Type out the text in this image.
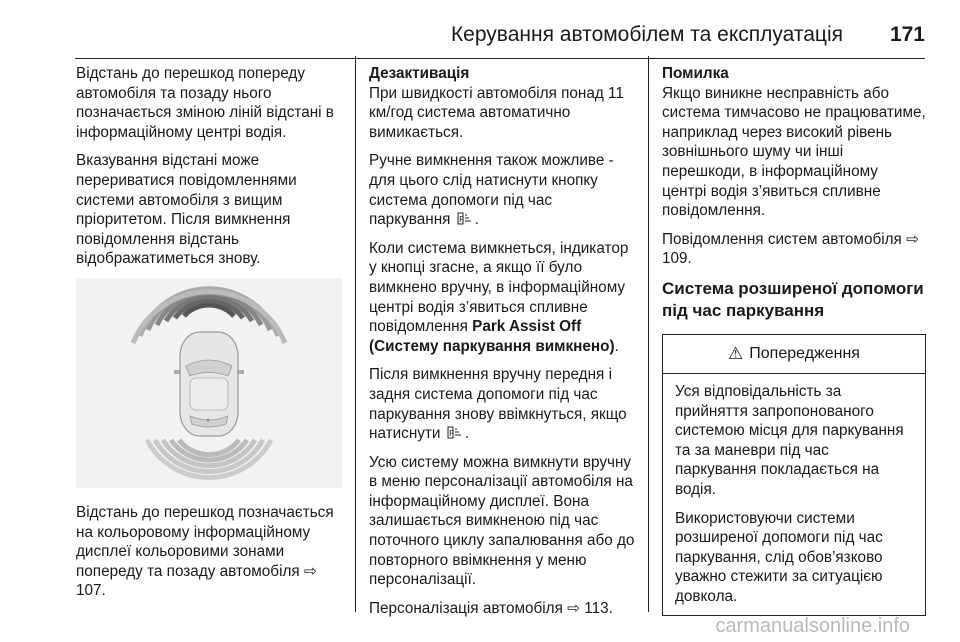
Керування автомобілем та експлуатація 171

Відстань до перешкод попереду автомобіля та позаду нього позначається зміною ліній відстані в інформаційному центрі водія.

Вказування відстані може перериватися повідомленнями системи автомобіля з вищим пріоритетом. Після вимкнення повідомлення відстань відображатиметься знову.

Відстань до перешкод позначається на кольоровому інформаційному дисплеї кольоровими зонами попереду та позаду автомобіля ⇨ 107.

Дезактивація

При швидкості автомобіля понад 11 км/год система автоматично вимикається.

Ручне вимкнення також можливе - для цього слід натиснути кнопку система допомоги під час паркування P .

Коли система вимкнеться, індикатор у кнопці згасне, а якщо її було вимкнено вручну, в інформаційному центрі водія з’явиться спливне повідомлення Park Assist Off (Систему паркування вимкнено).

Після вимкнення вручну передня і задня система допомоги під час паркування знову ввімкнуться, якщо натиснути P .

Усю систему можна вимкнути вручну в меню персоналізації автомобіля на інформаційному дисплеї. Вона залишається вимкненою під час поточного циклу запалювання або до повторного ввімкнення у меню персоналізації.

Персоналізація автомобіля ⇨ 113.

Помилка

Якщо виникне несправність або система тимчасово не працюватиме, наприклад через високий рівень зовнішнього шуму чи інші перешкоди, в інформаційному центрі водія з’явиться спливне повідомлення.

Повідомлення систем автомобіля ⇨ 109.

Система розширеної допомоги під час паркування
⚠ Попередження

Уся відповідальність за прийняття запропонованого системою місця для паркування та за маневри під час паркування покладається на водія.

Використовуючи системи розширеної допомоги під час паркування, слід обов’язково уважно стежити за ситуацією довкола.

carmanualsonline.info
